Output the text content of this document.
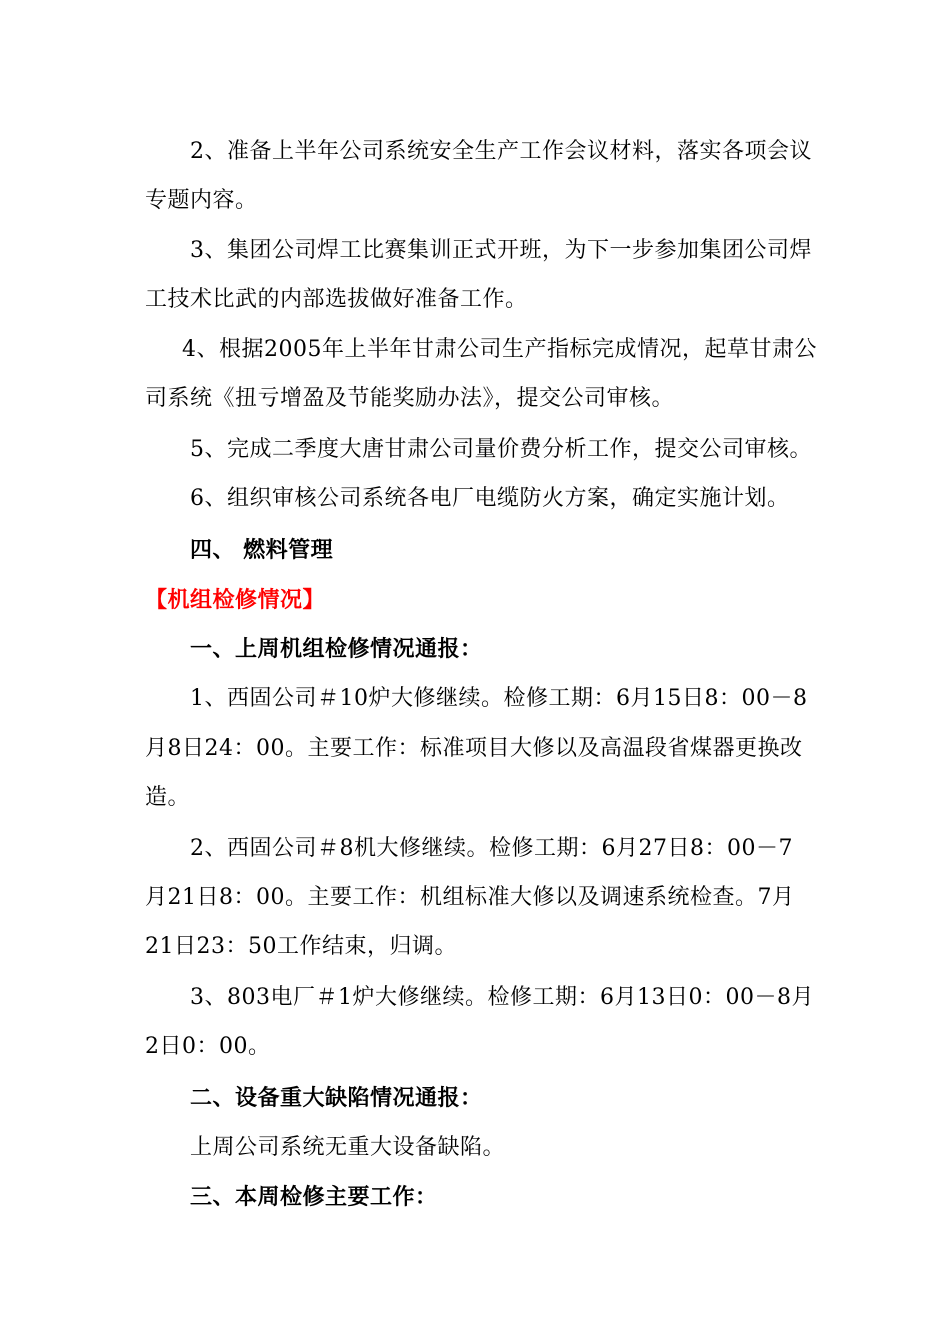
2、准备上半年公司系统安全生产工作会议材料，落实各项会议
专题内容。
3、集团公司焊工比赛集训正式开班，为下一步参加集团公司焊
工技术比武的内部选拔做好准备工作。
4、根据2005年上半年甘肃公司生产指标完成情况，起草甘肃公
司系统《扭亏增盈及节能奖励办法》，提交公司审核。
5、完成二季度大唐甘肃公司量价费分析工作，提交公司审核。
6、组织审核公司系统各电厂电缆防火方案，确定实施计划。
四、 燃料管理
【机组检修情况】
一、上周机组检修情况通报：
1、西固公司＃10炉大修继续。检修工期：6月15日8：00－8
月8日24：00。主要工作：标准项目大修以及高温段省煤器更换改
造。
2、西固公司＃8机大修继续。检修工期：6月27日8：00－7
月21日8：00。主要工作：机组标准大修以及调速系统检查。7月
21日23：50工作结束，归调。
3、803电厂＃1炉大修继续。检修工期：6月13日0：00－8月
2日0：00。
二、设备重大缺陷情况通报：
上周公司系统无重大设备缺陷。
三、本周检修主要工作：
